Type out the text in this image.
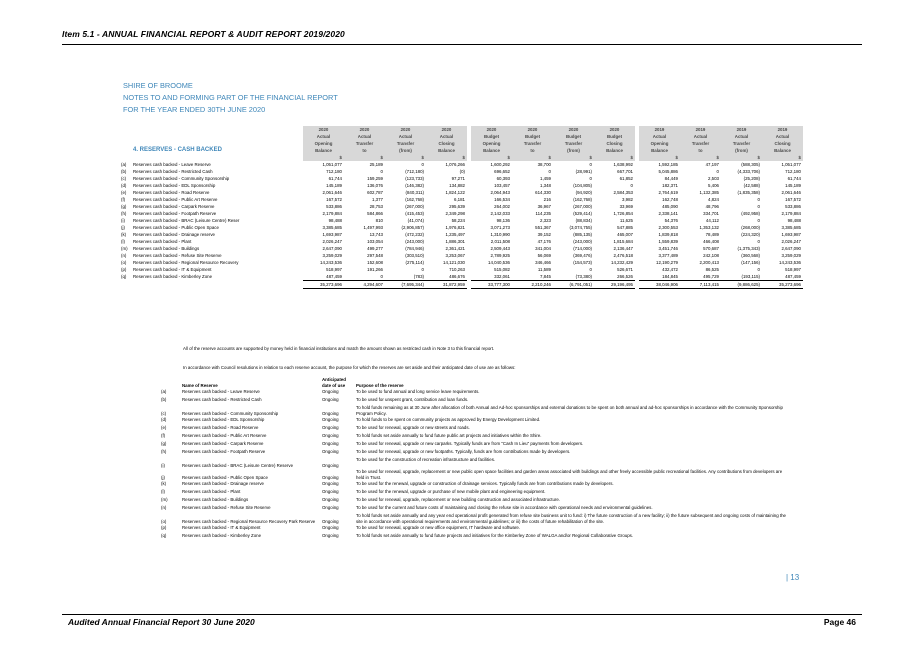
Item 5.1 - ANNUAL FINANCIAL REPORT & AUDIT REPORT 2019/2020
SHIRE OF BROOME
NOTES TO AND FORMING PART OF THE FINANCIAL REPORT
FOR THE YEAR ENDED 30TH JUNE 2020
		2020	2020	2020	2020		2020	2020	2020	2020		2019	2019	2019	2019
		Actual	Actual	Actual	Actual		Budget	Budget	Budget	Budget		Actual	Actual	Actual	Actual
		Opening	Transfer	Transfer	Closing		Opening	Transfer	Transfer	Closing		Opening	Transfer	Transfer	Closing
	4. RESERVES - CASH BACKED	Balance	to	(from)	Balance		Balance	to	(from)	Balance		Balance	to	(from)	Balance
		$	$	$	$		$	$	$	$		$	$	$	$
(a)	Reserves cash backed - Leave Reserve	1,051,077	25,189	0	1,076,266		1,600,292	38,700	0	1,638,992		1,592,185	47,197	(588,305)	1,051,077
(b)	Reserves cash backed - Restricted Cash	712,180	0	(712,180)	(0)		696,652	0	(28,991)	667,701		5,045,886	0	(4,333,706)	712,180
(c)	Reserves cash backed - Community Sponsorship	61,744	159,259	(123,733)	97,271		60,393	1,459	0	61,852		84,449	2,503	(25,208)	61,744
(d)	Reserves cash backed - EDL Sponsorship	145,189	136,076	(146,382)	134,882		103,457	1,348	(104,805)	0		182,371	5,406	(42,588)	145,189
(e)	Reserves cash backed - Road Reserve	2,061,646	602,787	(840,311)	1,824,122		2,064,943	614,330	(94,920)	2,584,353		2,764,619	1,132,385	(1,835,358)	2,061,646
(f)	Reserves cash backed - Public Art Reserve	167,572	1,377	(162,768)	6,181		166,534	216	(162,768)	3,982		162,748	4,824	0	167,572
(g)	Reserves cash backed - Carpark Reserve	533,886	28,753	(267,000)	295,639		264,002	36,967	(267,000)	33,969		485,090	48,796	0	533,886
(h)	Reserves cash backed - Footpath Reserve	2,179,884	584,866	(415,453)	2,349,298		2,142,033	114,235	(529,414)	1,726,854		2,338,141	334,701	(492,958)	2,179,884
(i)	Reserves cash backed - BRAC (Leisure Centre) Reser	98,488	810	(41,074)	58,224		98,136	2,323	(88,834)	11,625		54,376	44,112	0	98,488
(j)	Reserves cash backed - Public Open Space	3,385,685	1,497,993	(2,906,857)	1,976,821		3,071,273	551,367	(3,074,755)	547,885		2,300,553	1,353,132	(268,000)	3,385,685
(k)	Reserves cash backed - Drainage reserve	1,693,987	13,743	(472,232)	1,235,497		1,310,990	39,152	(885,135)	465,007		1,839,818	78,489	(224,320)	1,693,987
(l)	Reserves cash backed - Plant	2,026,247	103,054	(243,000)	1,886,301		2,011,508	47,176	(243,000)	1,815,684		1,559,839	466,408	0	2,026,247
(m)	Reserves cash backed - Buildings	2,647,090	499,277	(784,946)	2,361,421		2,509,443	341,004	(714,000)	2,136,447		3,451,746	570,687	(1,375,343)	2,647,090
(n)	Reserves cash backed - Refuse Site Reserve	3,259,029	297,548	(303,510)	3,253,067		2,789,925	56,069	(369,476)	2,476,518		3,377,489	242,108	(360,568)	3,259,029
(o)	Reserves cash backed - Regional Resource Recovery	14,243,536	152,608	(275,114)	14,121,030		14,040,536	346,466	(154,573)	14,232,429		12,190,279	2,200,413	(147,156)	14,243,536
(p)	Reserves cash backed - IT & Equipment	518,997	191,266	0	710,263		515,082	11,589	0	526,671		432,472	86,525	0	518,997
(q)	Reserves cash backed - Kimberley Zone	487,459	0	(783)	486,676		332,061	7,845	(73,380)	266,526		184,845	495,729	(193,115)	487,459
		35,273,696	4,294,607	(7,695,344)	31,872,959		33,777,300	2,210,246	(6,791,051)	29,196,495		38,046,906	7,113,415	(9,886,625)	35,273,696
All of the reserve accounts are supported by money held in financial institutions and match the amount shown as restricted cash in Note 3 to this financial report.
In accordance with Council resolutions in relation to each reserve account, the purpose for which the reserves are set aside and their anticipated date of use are as follows:
	Name of Reserve	Anticipated
date of use	Purpose of the reserve
(a)	Reserves cash backed - Leave Reserve	Ongoing	To be used to fund annual and long service leave requirements.
(b)	Reserves cash backed - Restricted Cash	Ongoing	To be used for unspent grant, contribution and loan funds.
(c)	Reserves cash backed - Community Sponsorship	Ongoing	To hold funds remaining as at 30 June after allocation of both Annual and Ad-hoc sponsorships and external donations to be spent on both annual and ad-hoc sponsorships in accordance with the Community Sponsorship Program Policy.
(d)	Reserves cash backed - EDL Sponsorship	Ongoing	To hold funds to be spent on community projects as approved by Energy Development Limited.
(e)	Reserves cash backed - Road Reserve	Ongoing	To be used for renewal, upgrade or new streets and roads.
(f)	Reserves cash backed - Public Art Reserve	Ongoing	To hold funds set aside annually to fund future public art projects and initiatives within the Shire.
(g)	Reserves cash backed - Carpark Reserve	Ongoing	To be used for renewal, upgrade or new carparks. Typically funds are from "Cash In Lieu" payments from developers.
(h)	Reserves cash backed - Footpath Reserve	Ongoing	To be used for renewal, upgrade or new footpaths. Typically, funds are from contributions made by developers.
(i)	Reserves cash backed - BRAC (Leisure Centre) Reserve	Ongoing	To be used for the construction of recreation infrastructure and facilities.
(j)	Reserves cash backed - Public Open Space	Ongoing	To be used for renewal, upgrade, replacement or new public open space facilities and garden areas associated with buildings and other freely accessible public recreational facilities. Any contributions from developers are held in Trust.
(k)	Reserves cash backed - Drainage reserve	Ongoing	To be used for the renewal, upgrade or construction of drainage services. Typically funds are from contributions made by developers.
(l)	Reserves cash backed - Plant	Ongoing	To be used for the renewal, upgrade or purchase of new mobile plant and engineering equipment.
(m)	Reserves cash backed - Buildings	Ongoing	To be used for renewal, upgrade, replacement or new building construction and associated infrastructure.
(n)	Reserves cash backed - Refuse Site Reserve	Ongoing	To be used for the current and future costs of maintaining and closing the refuse site in accordance with operational needs and environmental guidelines.
(o)	Reserves cash backed - Regional Resource Recovery Park Reserve	Ongoing	To hold funds set aside annually and any year end operational profit generated from refuse site business unit to fund: i) The future construction of a new facility; ii) the future subsequent and ongoing costs of maintaining the site in accordance with operational requirements and environmental guidelines; or iii) the costs of future rehabilitation of the site.
(p)	Reserves cash backed - IT & Equipment	Ongoing	To be used for renewal, upgrade or new office equipment, IT hardware and software.
(q)	Reserves cash backed - Kimberley Zone	Ongoing	To hold funds set aside annually to fund future projects and initiatives for the Kimberley Zone of WALGA and/or Regional Collaborative Groups.
| 13
Audited Annual Financial Report 30 June 2020	Page 46
